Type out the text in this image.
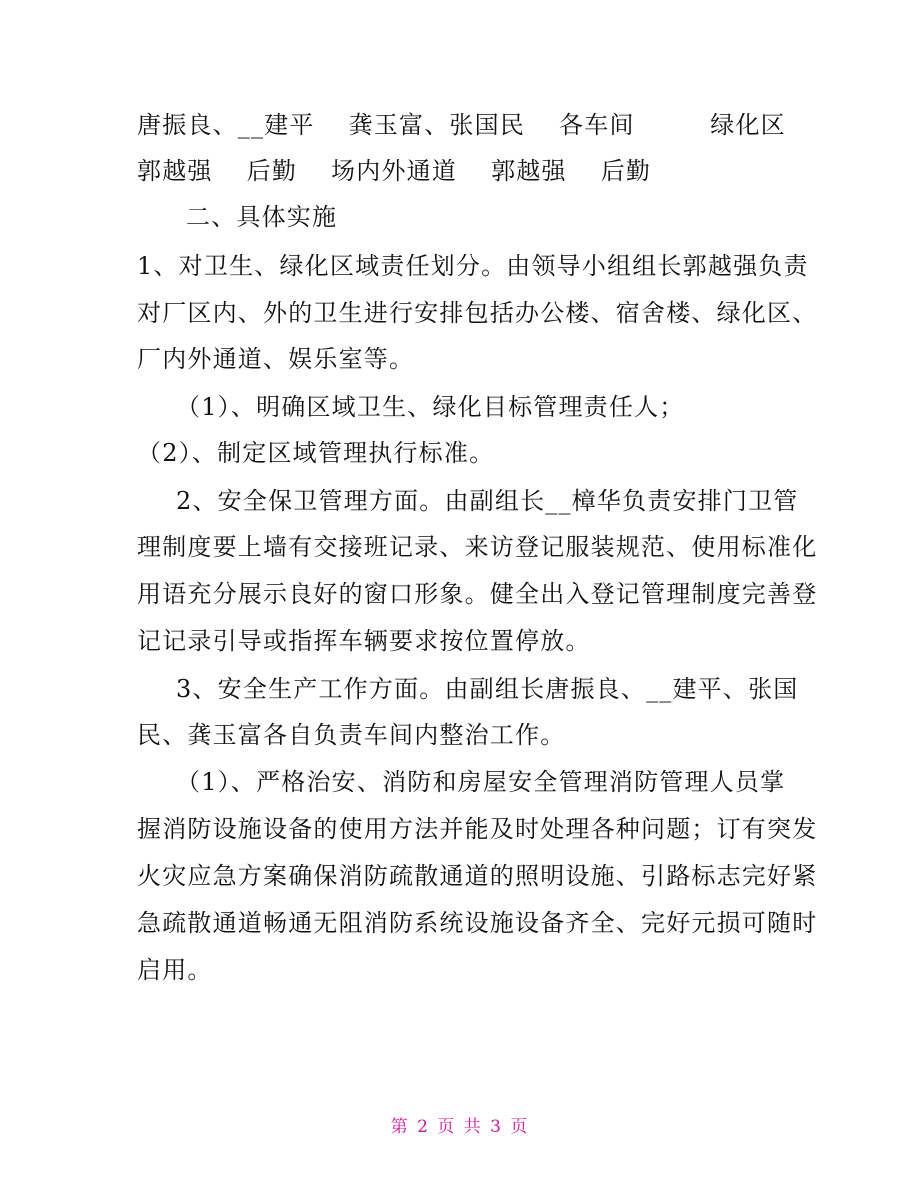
唐振良、__建平　 龚玉富、张国民　 各车间　　　绿化区
郭越强　 后勤　 场内外通道　 郭越强　 后勤
二、具体实施
1、对卫生、绿化区域责任划分。由领导小组组长郭越强负责
对厂区内、外的卫生进行安排包括办公楼、宿舍楼、绿化区、
厂内外通道、娱乐室等。
（1）、明确区域卫生、绿化目标管理责任人；
（2）、制定区域管理执行标准。
2、安全保卫管理方面。由副组长__樟华负责安排门卫管
理制度要上墙有交接班记录、来访登记服装规范、使用标准化
用语充分展示良好的窗口形象。健全出入登记管理制度完善登
记记录引导或指挥车辆要求按位置停放。
3、安全生产工作方面。由副组长唐振良、__建平、张国
民、龚玉富各自负责车间内整治工作。
（1）、严格治安、消防和房屋安全管理消防管理人员掌
握消防设施设备的使用方法并能及时处理各种问题；订有突发
火灾应急方案确保消防疏散通道的照明设施、引路标志完好紧
急疏散通道畅通无阻消防系统设施设备齐全、完好元损可随时
启用。
第 2 页 共 3 页
